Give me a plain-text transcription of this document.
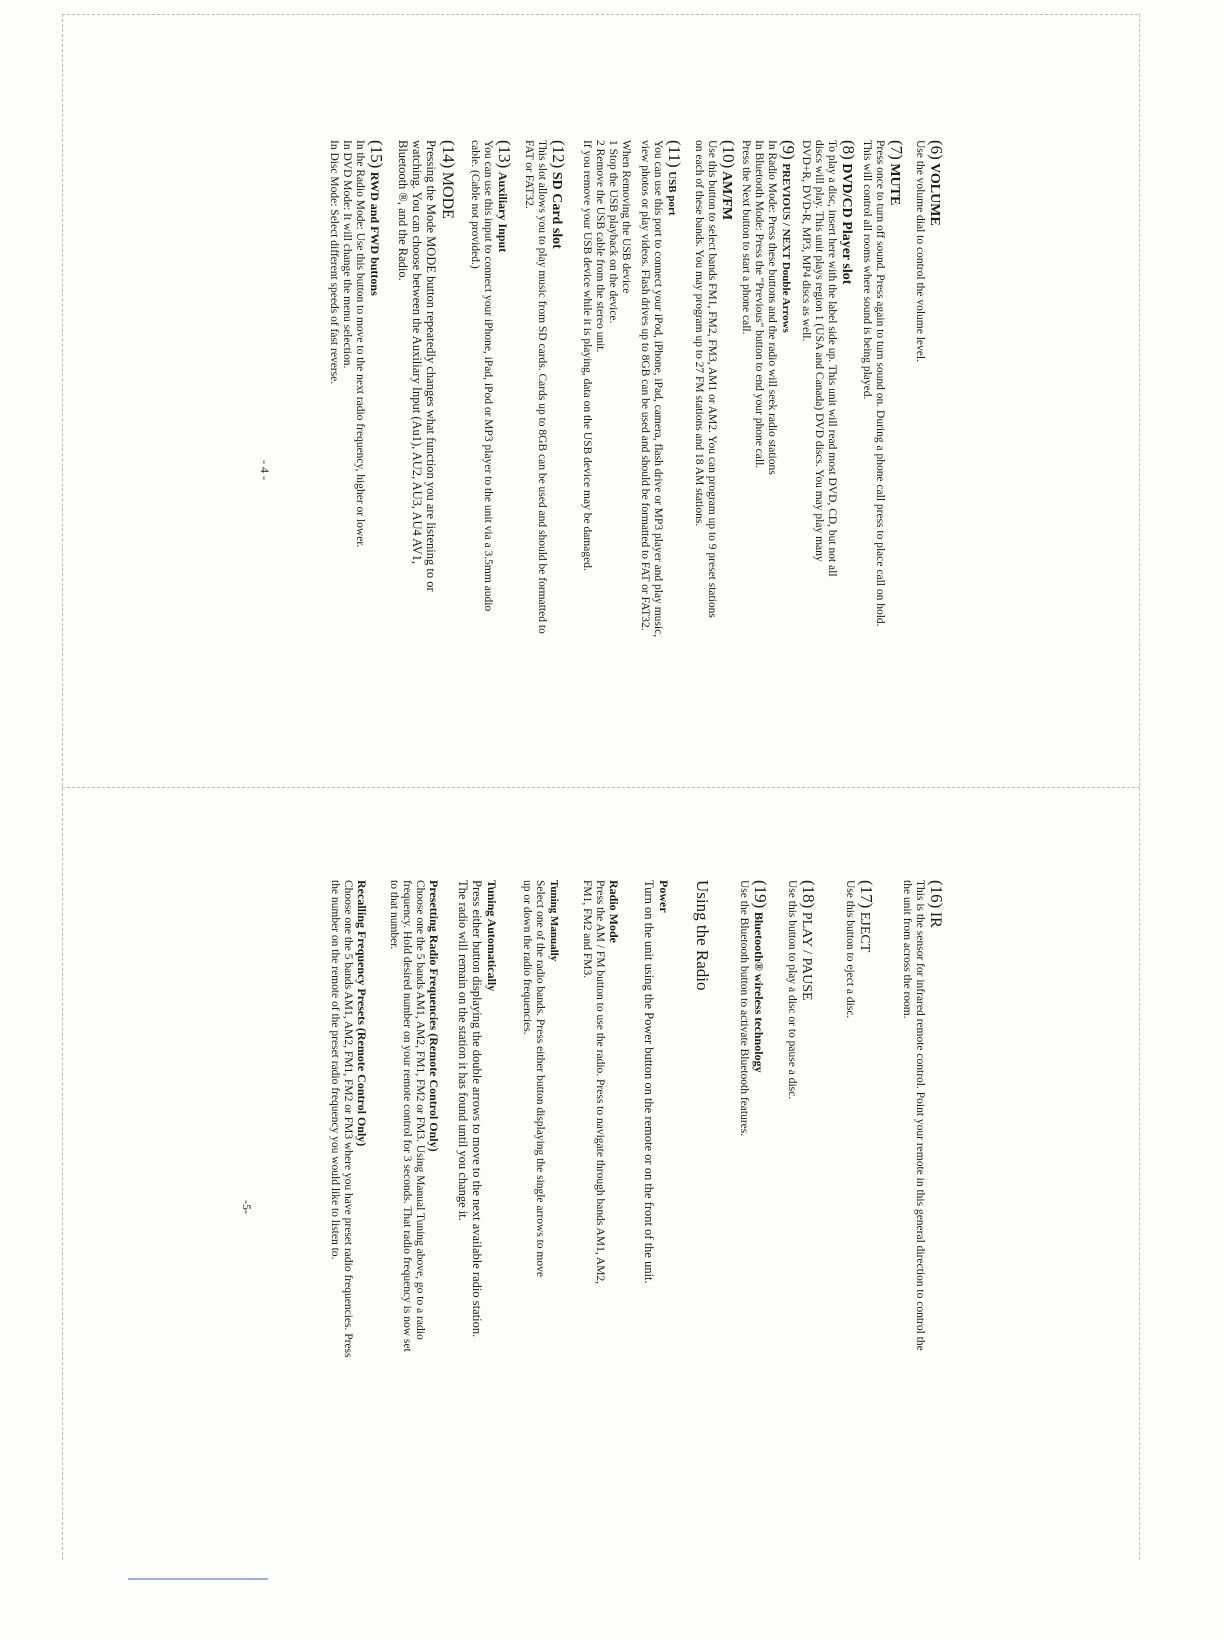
(6) VOLUME

Use the volume dial to control the volume level.

(7) MUTE

Press once to turn off sound. Press again to turn sound on. During a phone call press to place call on hold.

This will control all rooms where sound is being played.

(8) DVD/CD Player slot

To play a disc, insert here with the label side up. This unit will read most DVD, CD, but not all

discs will play. This unit plays region 1 (USA and Canada) DVD discs. You may play many

DVD+R, DVD-R, MP3, MP4 discs as well.

(9) PREVIOUS / NEXT Double Arrows

In Radio Mode: Press these buttons and the radio will seek radio stations

In Bluetooth Mode: Press the "Previous" button to end your phone call.

Press the Next button to start a phone call.

(10) AM/FM

Use this button to select bands FM1, FM2, FM3, AM1 or AM2. You can program up to 9 preset stations

on each of these bands. You may program up to 27 FM stations and 18 AM stations.

(11) USB port

You can use this port to connect your iPod, iPhone, iPad, camera, flash drive or MP3 player and play music,

view photos or play videos. Flash drives up to 8GB can be used and should be formatted to FAT or FAT32.

When Removing the USB device

1 Stop the USB playback on the device.

2 Remove the USB cable from the stereo unit.

If you remove your USB device while it is playing, data on the USB device may be damaged.

(12) SD Card slot

This slot allows you to play music from SD cards. Cards up to 8GB can be used and should be formatted to

FAT or FAT32.

(13) Auxiliary Input

You can use this input to connect your iPhone, iPad, iPod or MP3 player to the unit via a 3.5mm audio

cable. (Cable not provided.)

(14) MODE

Pressing the Mode MODE button repeatedly changes what function you are listening to or

watching. You can choose between the Auxiliary Input (Au1), AU2, AU3, AU4 AV1,

Bluetooth ®, and the Radio.

(15) RWD and FWD buttons

In the Radio Mode: Use this button to move to the next radio frequency, higher or lower.

In DVD Mode: It will change the menu selection.

In Disc Mode: Select different speeds of fast reverse.

- 4 -

(16) IR

This is the sensor for infrared remote control. Point your remote in this general direction to control the

the unit from across the room.

(17) EJECT

Use this button to eject a disc.

(18) PLAY / PAUSE

Use this button to play a disc or to pause a disc.

(19) Bluetooth® wireless technology

Use the Bluetooth button to activate Bluetooth features.

Using the Radio

Power

Turn on the unit using the Power button on the remote or on the front of the unit.

Radio Mode

Press the AM / FM button to use the radio. Press to navigate through bands AM1, AM2,

FM1, FM2 and FM3.

Tuning Manually

Select one of the radio bands. Press either button displaying the single arrows to move

up or down the radio frequencies.

Tuning Automatically

Press either button displaying the double arrows to move to the next available radio station.

The radio will remain on the station it has found until you change it.

Presetting Radio Frequencies (Remote Control Only)

Choose one the 5 bands AM1, AM2, FM1, FM2 or FM3. Using Manual Tuning above, go to a radio

frequency. Hold desired number on your remote control for 3 seconds. That radio frequency is now set

to that number.

Recalling Frequency Presets (Remote Control Only)

Choose one the 5 bands AM1, AM2, FM1, FM2 or FM3 where you have preset radio frequencies. Press

the number on the remote of the preset radio frequency you would like to listen to.

-5-
